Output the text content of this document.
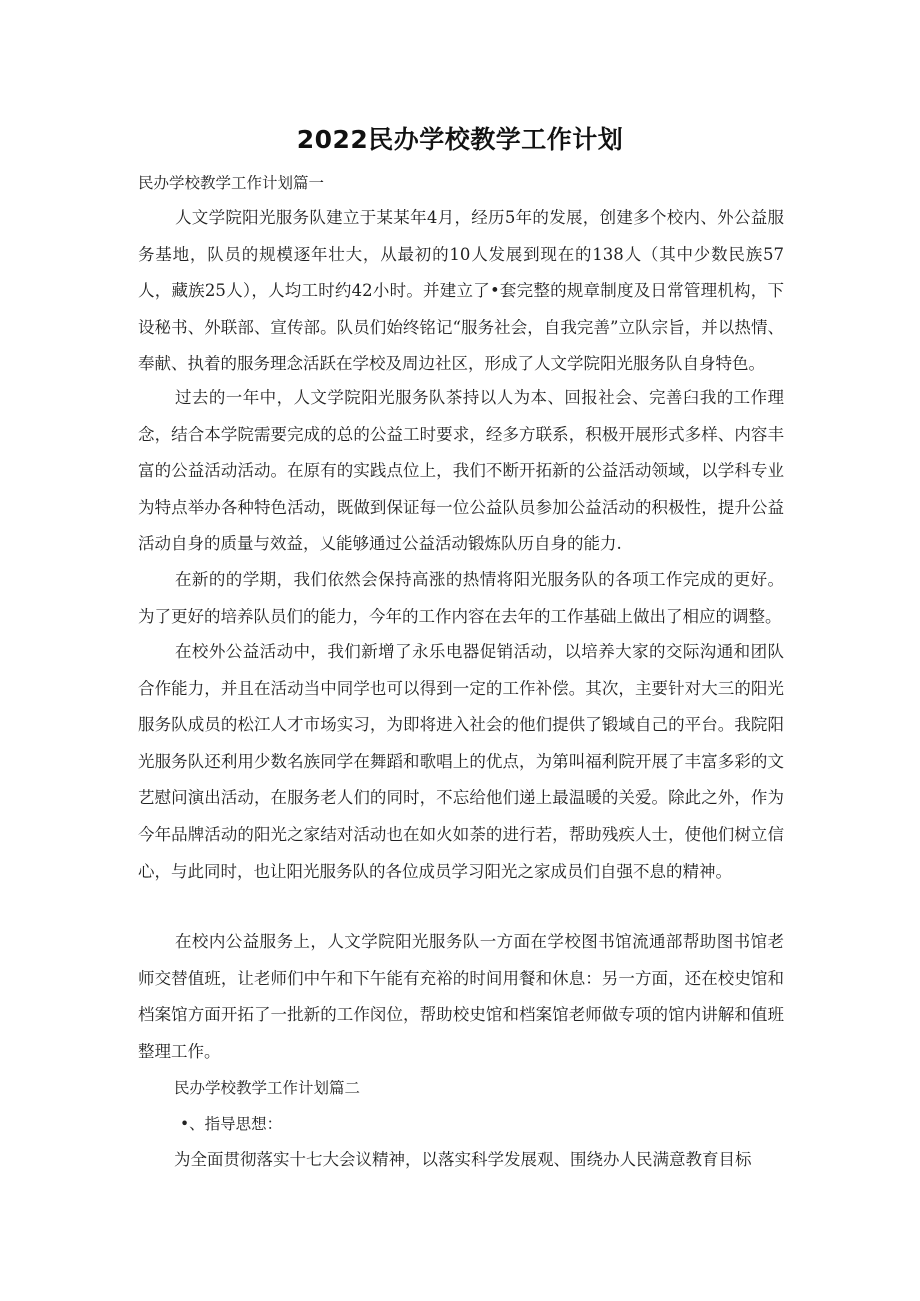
2022民办学校教学工作计划
民办学校教学工作计划篇一

人文学院阳光服务队建立于某某年4月，经历5年的发展，创建多个校内、外公益服务基地，队员的规模逐年壮大，从最初的10人发展到现在的138人（其中少数民族57人，藏族25人），人均工时约42小时。并建立了•套完整的规章制度及日常管理机构，下设秘书、外联部、宣传部。队员们始终铭记“服务社会，自我完善”立队宗旨，并以热情、奉献、执着的服务理念活跃在学校及周边社区，形成了人文学院阳光服务队自身特色。

过去的一年中，人文学院阳光服务队茶持以人为本、回报社会、完善臼我的工作理念，结合本学院需要完成的总的公益工时要求，经多方联系，积极开展形式多样、内容丰富的公益活动活动。在原有的实践点位上，我们不断开拓新的公益活动领域，以学科专业为特点举办各种特色活动，既做到保证每一位公益队员参加公益活动的积极性，提升公益活动自身的质量与效益，乂能够通过公益活动锻炼队历自身的能力.

在新的的学期，我们依然会保持高涨的热情将阳光服务队的各项工作完成的更好。为了更好的培养队员们的能力，今年的工作内容在去年的工作基础上做出了相应的调整。

在校外公益活动中，我们新增了永乐电器促销活动，以培养大家的交际沟通和团队合作能力，并且在活动当中同学也可以得到一定的工作补偿。其次，主要针对大三的阳光服务队成员的松江人才市场实习，为即将进入社会的他们提供了锻域自己的平台。我院阳光服务队还利用少数名族同学在舞蹈和歌唱上的优点，为第叫福利院开展了丰富多彩的文艺慰问演出活动，在服务老人们的同时，不忘给他们递上最温暖的关爱。除此之外，作为今年品牌活动的阳光之家结对活动也在如火如荼的进行若，帮助残疾人士，使他们树立信心，与此同时，也让阳光服务队的各位成员学习阳光之家成员们自强不息的精神。

在校内公益服务上，人文学院阳光服务队一方面在学校图书馆流通部帮助图书馆老师交替值班，让老师们中午和下午能有充裕的时间用餐和休息：另一方面，还在校史馆和档案馆方面开拓了一批新的工作闵位，帮助校史馆和档案馆老师做专项的馆内讲解和值班整理工作。

民办学校教学工作计划篇二
•、指导思想：
为全面贯彻落实十七大会议精神，以落实科学发展观、围绕办人民满意教育目标
